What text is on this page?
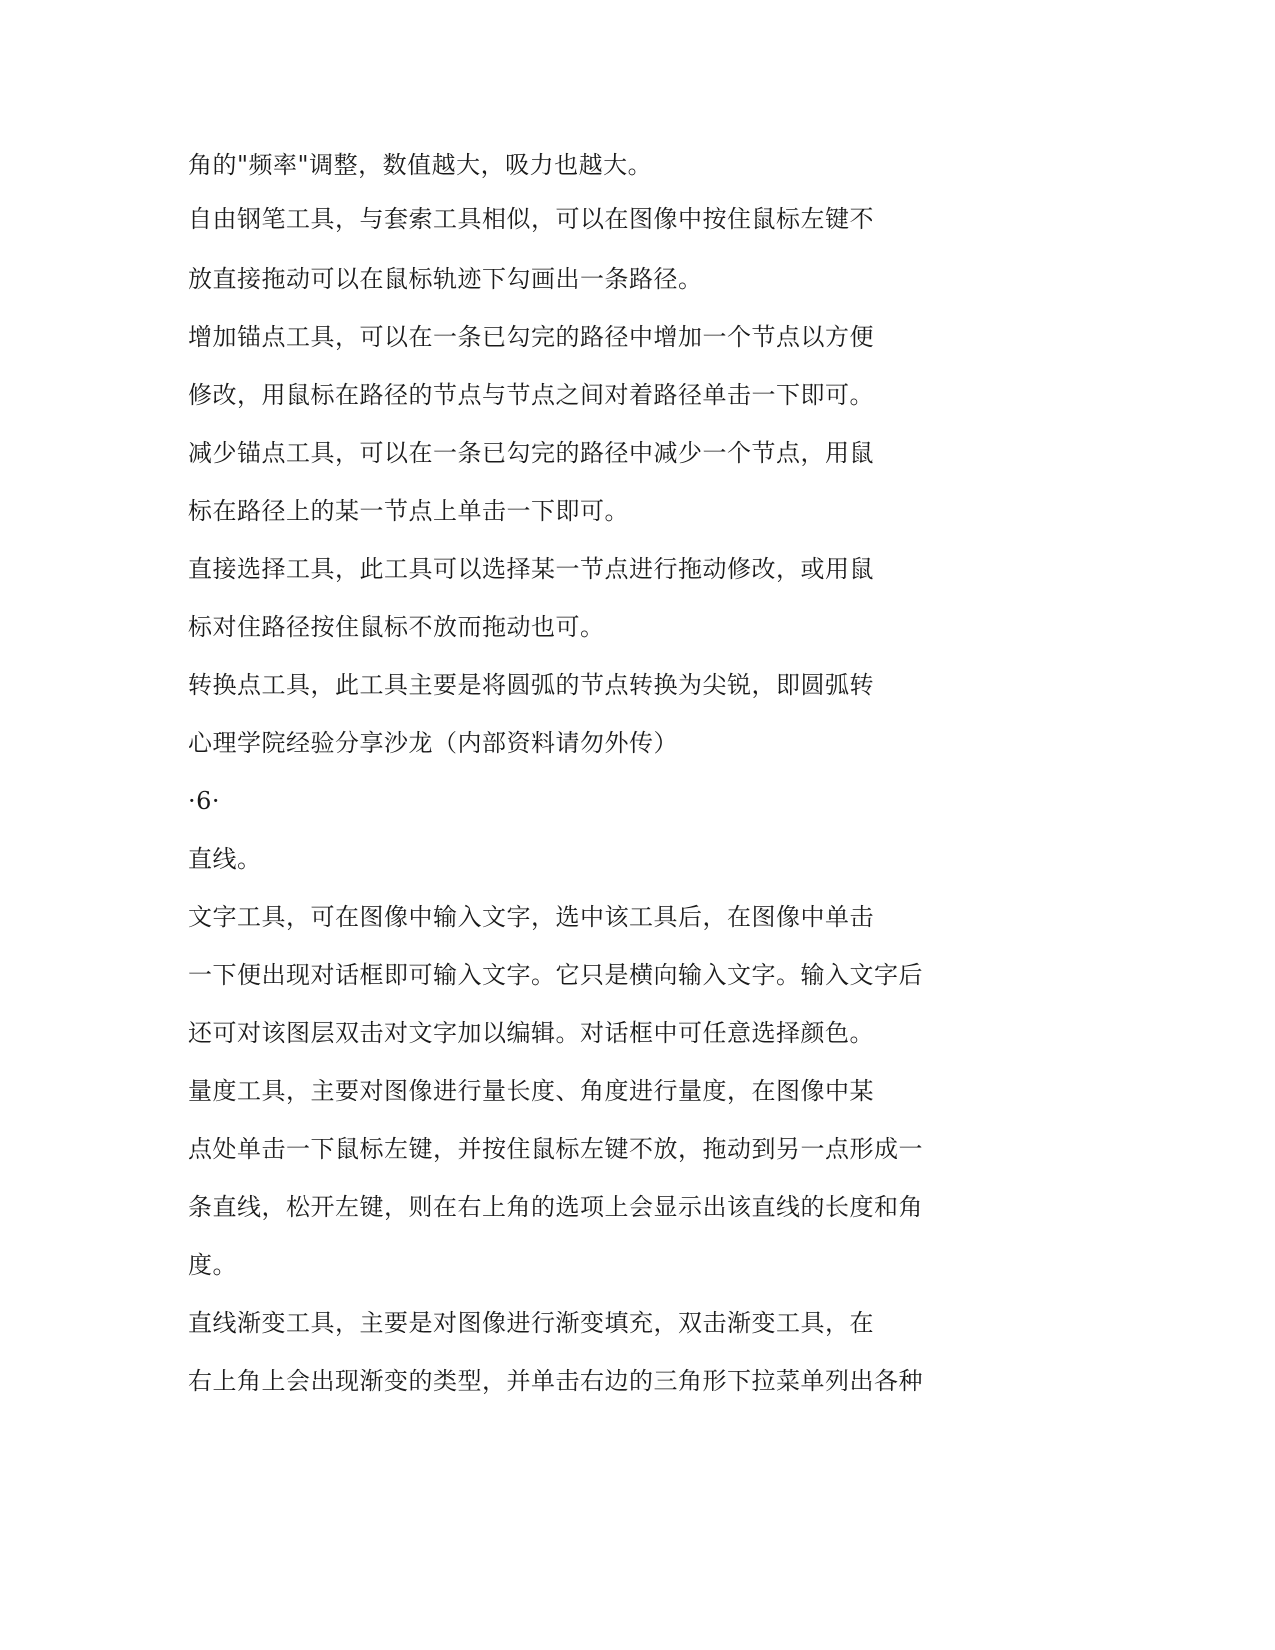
角的"频率"调整，数值越大，吸力也越大。
自由钢笔工具，与套索工具相似，可以在图像中按住鼠标左键不
放直接拖动可以在鼠标轨迹下勾画出一条路径。
增加锚点工具，可以在一条已勾完的路径中增加一个节点以方便
修改，用鼠标在路径的节点与节点之间对着路径单击一下即可。
减少锚点工具，可以在一条已勾完的路径中减少一个节点，用鼠
标在路径上的某一节点上单击一下即可。
直接选择工具，此工具可以选择某一节点进行拖动修改，或用鼠
标对住路径按住鼠标不放而拖动也可。
转换点工具，此工具主要是将圆弧的节点转换为尖锐，即圆弧转
心理学院经验分享沙龙（内部资料请勿外传）
·6·
直线。
文字工具，可在图像中输入文字，选中该工具后，在图像中单击
一下便出现对话框即可输入文字。它只是横向输入文字。输入文字后
还可对该图层双击对文字加以编辑。对话框中可任意选择颜色。
量度工具，主要对图像进行量长度、角度进行量度，在图像中某
点处单击一下鼠标左键，并按住鼠标左键不放，拖动到另一点形成一
条直线，松开左键，则在右上角的选项上会显示出该直线的长度和角
度。
直线渐变工具，主要是对图像进行渐变填充，双击渐变工具，在
右上角上会出现渐变的类型，并单击右边的三角形下拉菜单列出各种
